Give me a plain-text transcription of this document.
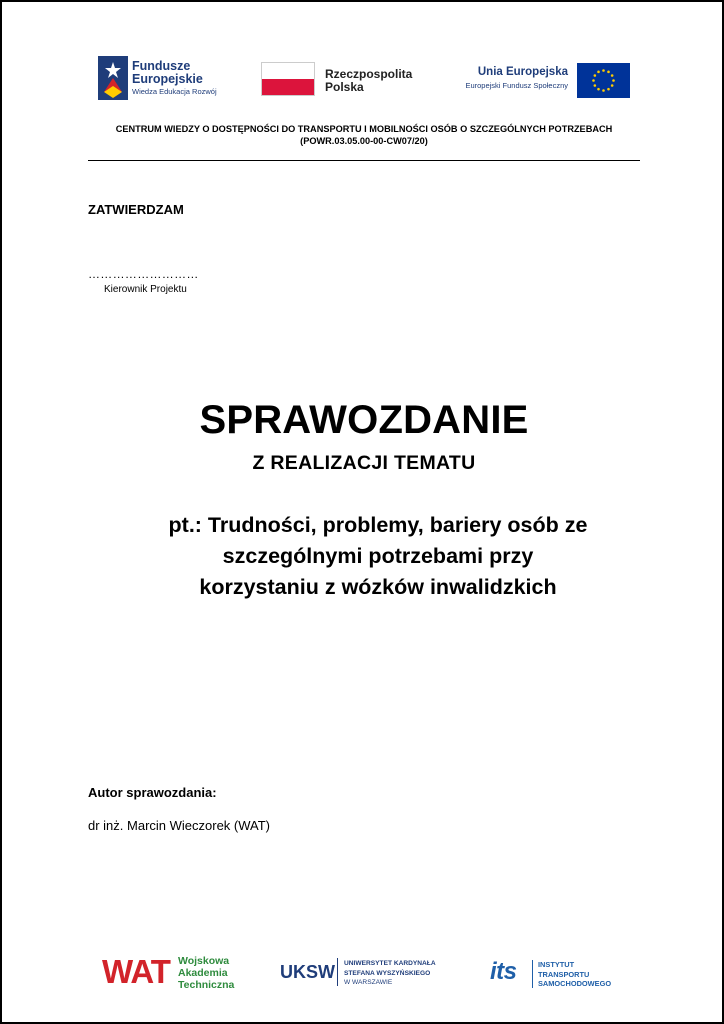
Fundusze Europejskie
Wiedza Edukacja Rozwój
Rzeczpospolita
Polska
Unia Europejska
Europejski Fundusz Społeczny
CENTRUM WIEDZY O DOSTĘPNOŚCI DO TRANSPORTU I MOBILNOŚCI OSÓB O SZCZEGÓLNYCH POTRZEBACH
(POWR.03.05.00-00-CW07/20)
ZATWIERDZAM
………………………
Kierownik Projektu
SPRAWOZDANIE
Z REALIZACJI TEMATU
pt.: Trudności, problemy, bariery osób ze
szczególnymi potrzebami przy
korzystaniu z wózków inwalidzkich
Autor sprawozdania:
dr inż. Marcin Wieczorek (WAT)
WAT Wojskowa
Akademia
Techniczna
UKSW UNIWERSYTET KARDYNAŁA
STEFANA WYSZYŃSKIEGO
W WARSZAWIE	its	INSTYTUT
TRANSPORTU
SAMOCHODOWEGO
